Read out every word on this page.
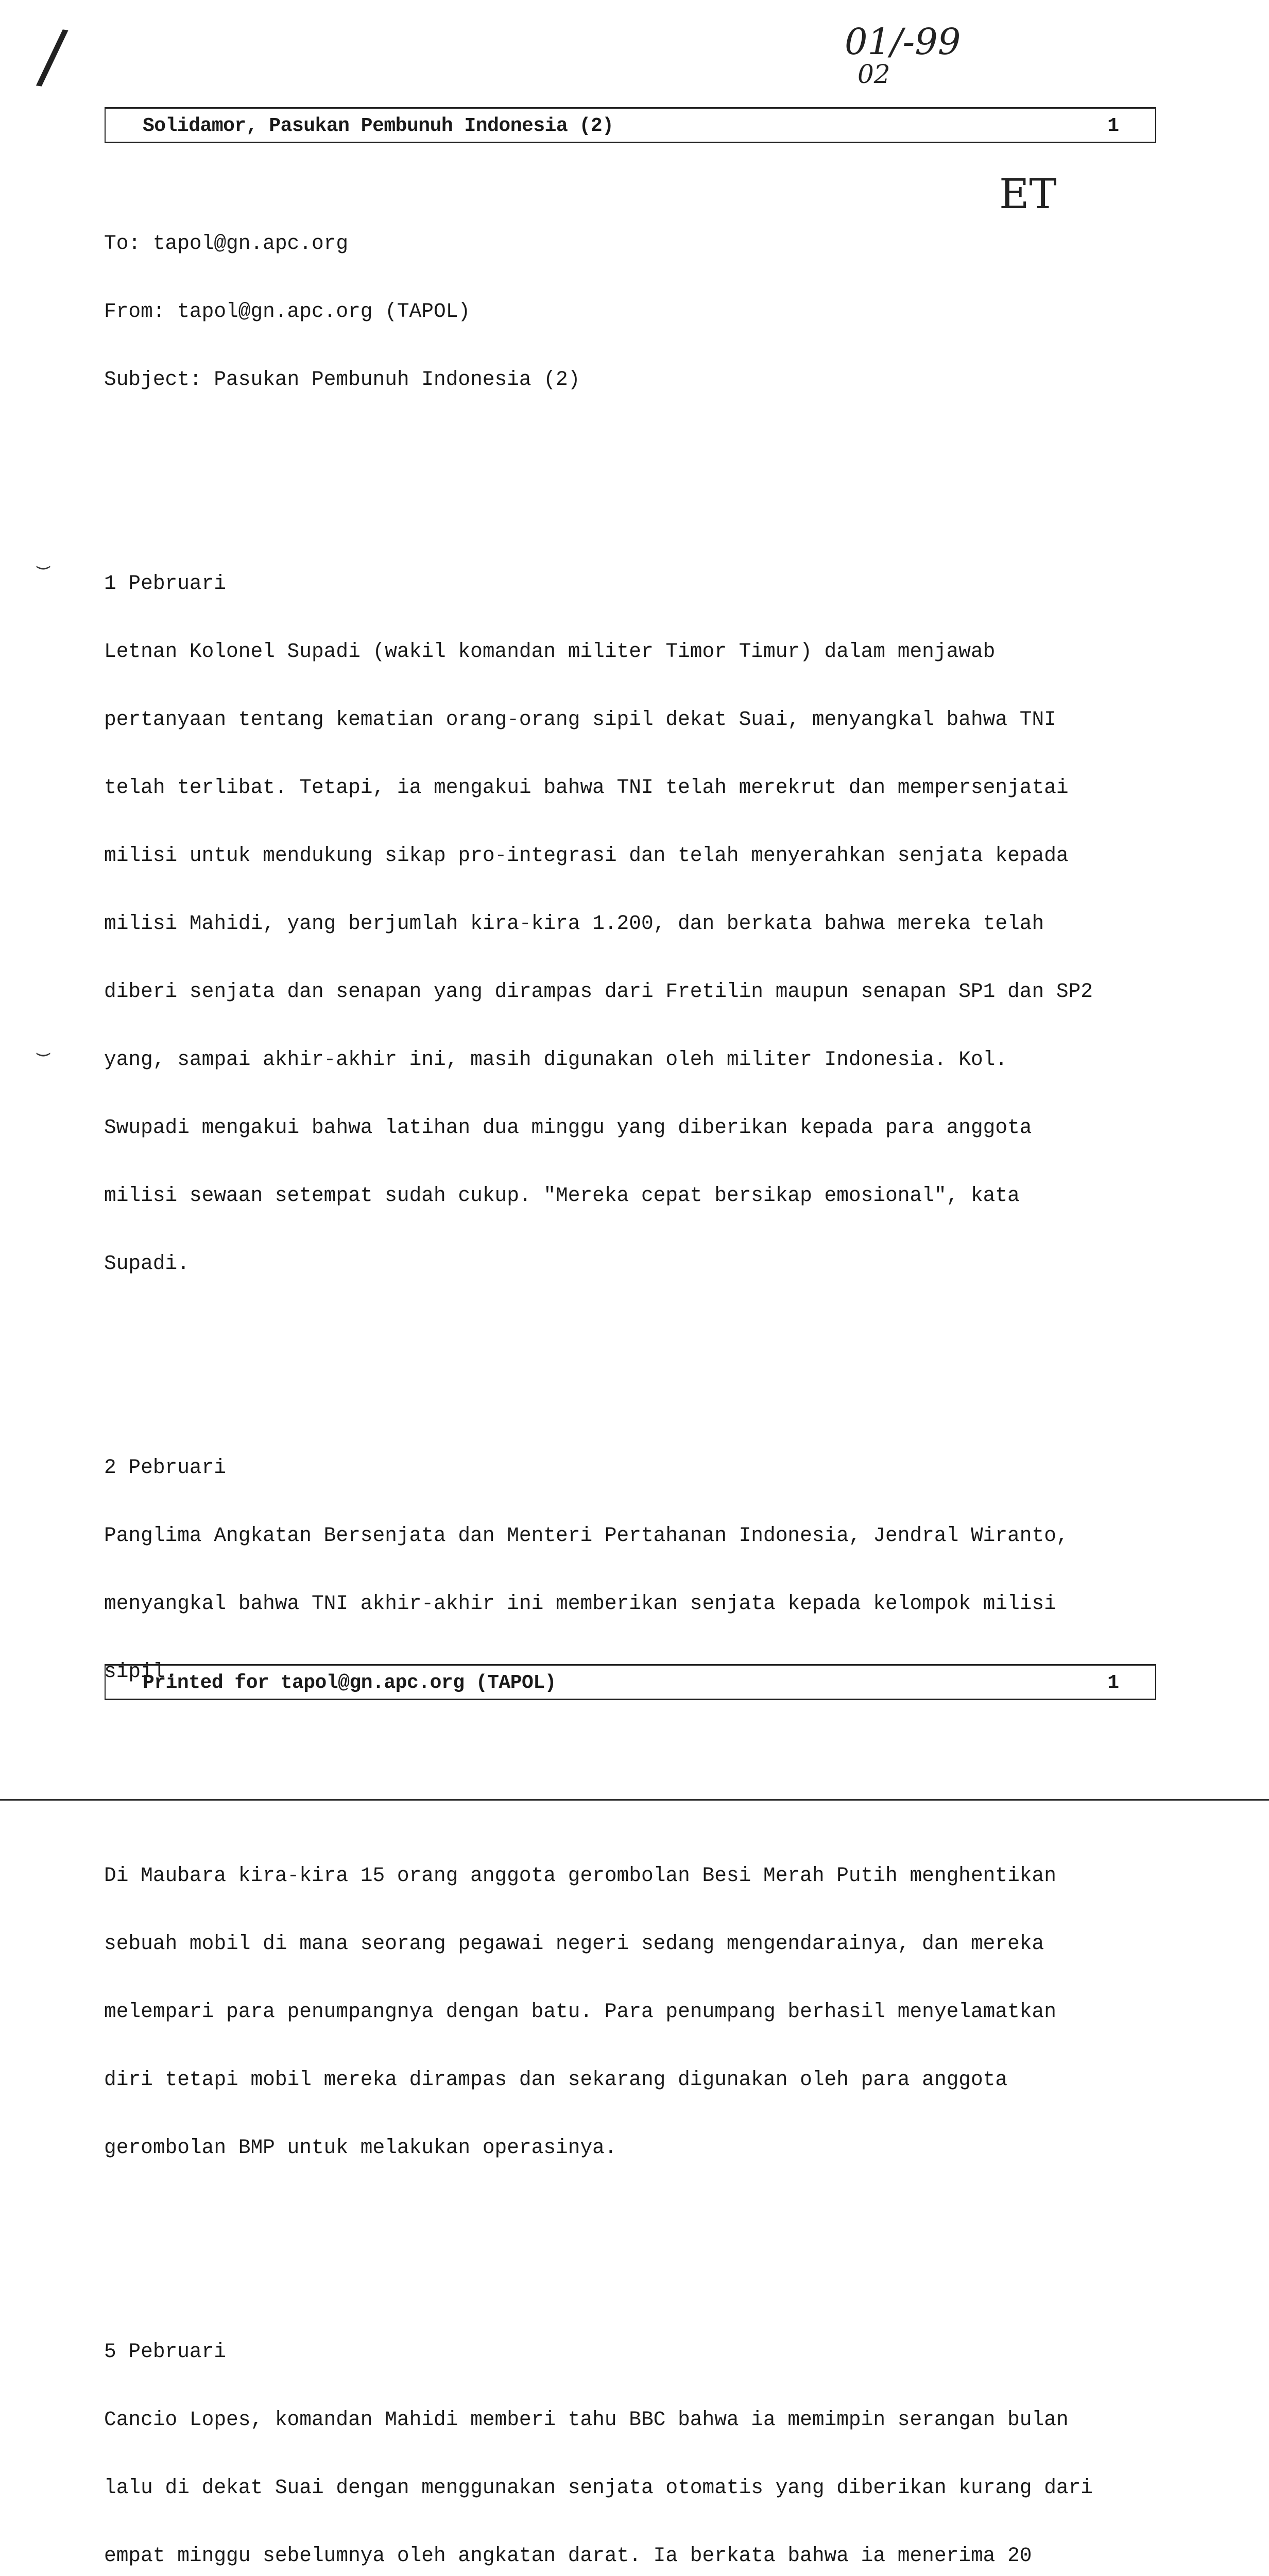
/	01/-99
02
ET
Solidamor, Pasukan Pembunuh Indonesia (2)	1

To: tapol@gn.apc.org

From: tapol@gn.apc.org (TAPOL)

Subject: Pasukan Pembunuh Indonesia (2)

1 Pebruari

Letnan Kolonel Supadi (wakil komandan militer Timor Timur) dalam menjawab

pertanyaan tentang kematian orang-orang sipil dekat Suai, menyangkal bahwa TNI

telah terlibat. Tetapi, ia mengakui bahwa TNI telah merekrut dan mempersenjatai

milisi untuk mendukung sikap pro-integrasi dan telah menyerahkan senjata kepada

milisi Mahidi, yang berjumlah kira-kira 1.200, dan berkata bahwa mereka telah

diberi senjata dan senapan yang dirampas dari Fretilin maupun senapan SP1 dan SP2

yang, sampai akhir-akhir ini, masih digunakan oleh militer Indonesia. Kol.

Swupadi mengakui bahwa latihan dua minggu yang diberikan kepada para anggota

milisi sewaan setempat sudah cukup. "Mereka cepat bersikap emosional", kata

Supadi.

2 Pebruari

Panglima Angkatan Bersenjata dan Menteri Pertahanan Indonesia, Jendral Wiranto,

menyangkal bahwa TNI akhir-akhir ini memberikan senjata kepada kelompok milisi

sipil.

Di Maubara kira-kira 15 orang anggota gerombolan Besi Merah Putih menghentikan

sebuah mobil di mana seorang pegawai negeri sedang mengendarainya, dan mereka

melempari para penumpangnya dengan batu. Para penumpang berhasil menyelamatkan

diri tetapi mobil mereka dirampas dan sekarang digunakan oleh para anggota

gerombolan BMP untuk melakukan operasinya.

5 Pebruari

Cancio Lopes, komandan Mahidi memberi tahu BBC bahwa ia memimpin serangan bulan

lalu di dekat Suai dengan menggunakan senjata otomatis yang diberikan kurang dari

empat minggu sebelumnya oleh angkatan darat. Ia berkata bahwa ia menerima 20

‿
‿
Printed for tapol@gn.apc.org (TAPOL)	1
